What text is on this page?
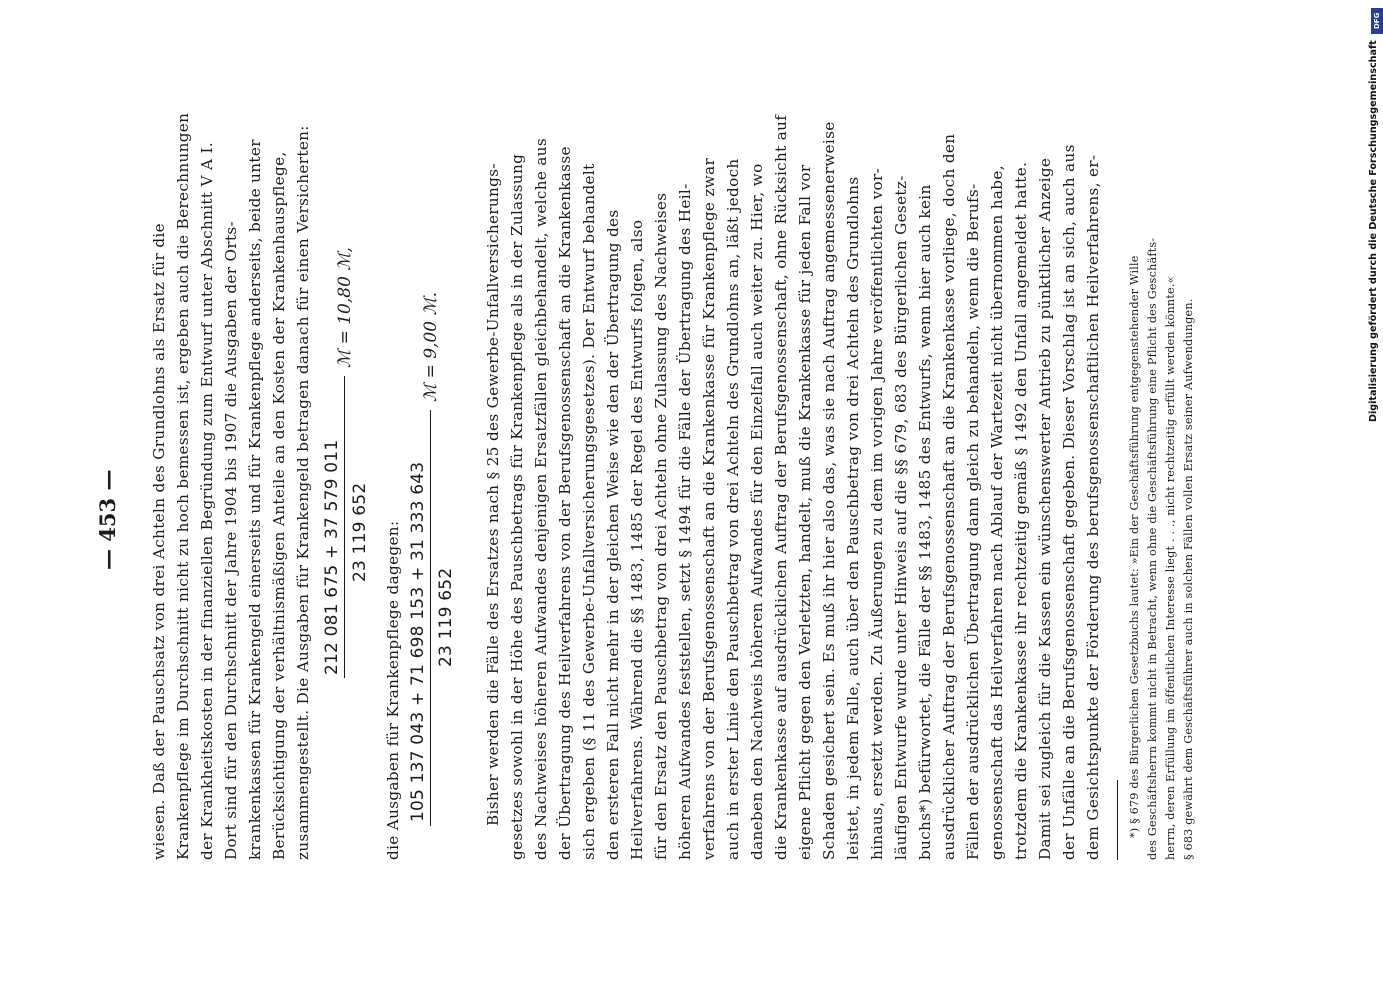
— 453 — wiesen. Daß der Pauschsatz von drei Achteln des Grundlohns als Ersatz für die Krankenpflege im Durchschnitt nicht zu hoch bemessen ist, ergeben auch die Berechnungen der Krankheitskosten in der finanziellen Begründung zum Entwurf unter Abschnitt V A I. Dort sind für den Durchschnitt der Jahre 1904 bis 1907 die Ausgaben der Orts- krankenkassen für Krankengeld einerseits und für Krankenpflege anderseits, beide unter Berücksichtigung der verhältnismäßigen Anteile an den Kosten der Krankenhauspflege, zusammengestellt. Die Ausgaben für Krankengeld betragen danach für einen Versicherten: 212 081 675 + 37 579 011 23 119 652
ℳ = 10,80 ℳ,
die Ausgaben für Krankenpflege dagegen: 105 137 043 + 71 698 153 + 31 333 643 23 119 652
ℳ = 9,00 ℳ.	Bisher werden die Fälle des Ersatzes nach § 25 des Gewerbe-Unfallversicherungs- gesetzes sowohl in der Höhe des Pauschbetrags für Krankenpflege als in der Zulassung des Nachweises höheren Aufwandes denjenigen Ersatzfällen gleichbehandelt, welche aus der Übertragung des Heilverfahrens von der Berufsgenossenschaft an die Krankenkasse sich ergeben (§ 11 des Gewerbe-Unfallversicherungsgesetzes). Der Entwurf behandelt den ersteren Fall nicht mehr in der gleichen Weise wie den der Übertragung des Heilverfahrens. Während die §§ 1483, 1485 der Regel des Entwurfs folgen, also für den Ersatz den Pauschbetrag von drei Achteln ohne Zulassung des Nachweises höheren Aufwandes feststellen, setzt § 1494 für die Fälle der Übertragung des Heil- verfahrens von der Berufsgenossenschaft an die Krankenkasse für Krankenpflege zwar auch in erster Linie den Pauschbetrag von drei Achteln des Grundlohns an, läßt jedoch daneben den Nachweis höheren Aufwandes für den Einzelfall auch weiter zu. Hier, wo die Krankenkasse auf ausdrücklichen Auftrag der Berufsgenossenschaft, ohne Rücksicht auf eigene Pflicht gegen den Verletzten, handelt, muß die Krankenkasse für jeden Fall vor Schaden gesichert sein. Es muß ihr hier also das, was sie nach Auftrag angemessenerweise leistet, in jedem Falle, auch über den Pauschbetrag von drei Achteln des Grundlohns hinaus, ersetzt werden. Zu Äußerungen zu dem im vorigen Jahre veröffentlichten vor- läufigen Entwurfe wurde unter Hinweis auf die §§ 679, 683 des Bürgerlichen Gesetz- buchs*) befürwortet, die Fälle der §§ 1483, 1485 des Entwurfs, wenn hier auch kein ausdrücklicher Auftrag der Berufsgenossenschaft an die Krankenkasse vorliege, doch den Fällen der ausdrücklichen Übertragung dann gleich zu behandeln, wenn die Berufs- genossenschaft das Heilverfahren nach Ablauf der Wartezeit nicht übernommen habe, trotzdem die Krankenkasse ihr rechtzeitig gemäß § 1492 den Unfall angemeldet hatte. Damit sei zugleich für die Kassen ein wünschenswerter Antrieb zu pünktlicher Anzeige der Unfälle an die Berufsgenossenschaft gegeben. Dieser Vorschlag ist an sich, auch aus dem Gesichtspunkte der Förderung des berufsgenossenschaftlichen Heilverfahrens, er- *) § 679 des Bürgerlichen Gesetzbuchs lautet: »Ein der Geschäftsführung entgegenstehender Wille des Geschäftsherrn kommt nicht in Betracht, wenn ohne die Geschäftsführung eine Pflicht des Geschäfts- herrn, deren Erfüllung im öffentlichen Interesse liegt . . ., nicht rechtzeitig erfüllt werden könnte.« § 683 gewährt dem Geschäftsführer auch in solchen Fällen vollen Ersatz seiner Aufwendungen.
DFG
Digitalisierung gefördert durch die Deutsche Forschungsgemeinschaft
